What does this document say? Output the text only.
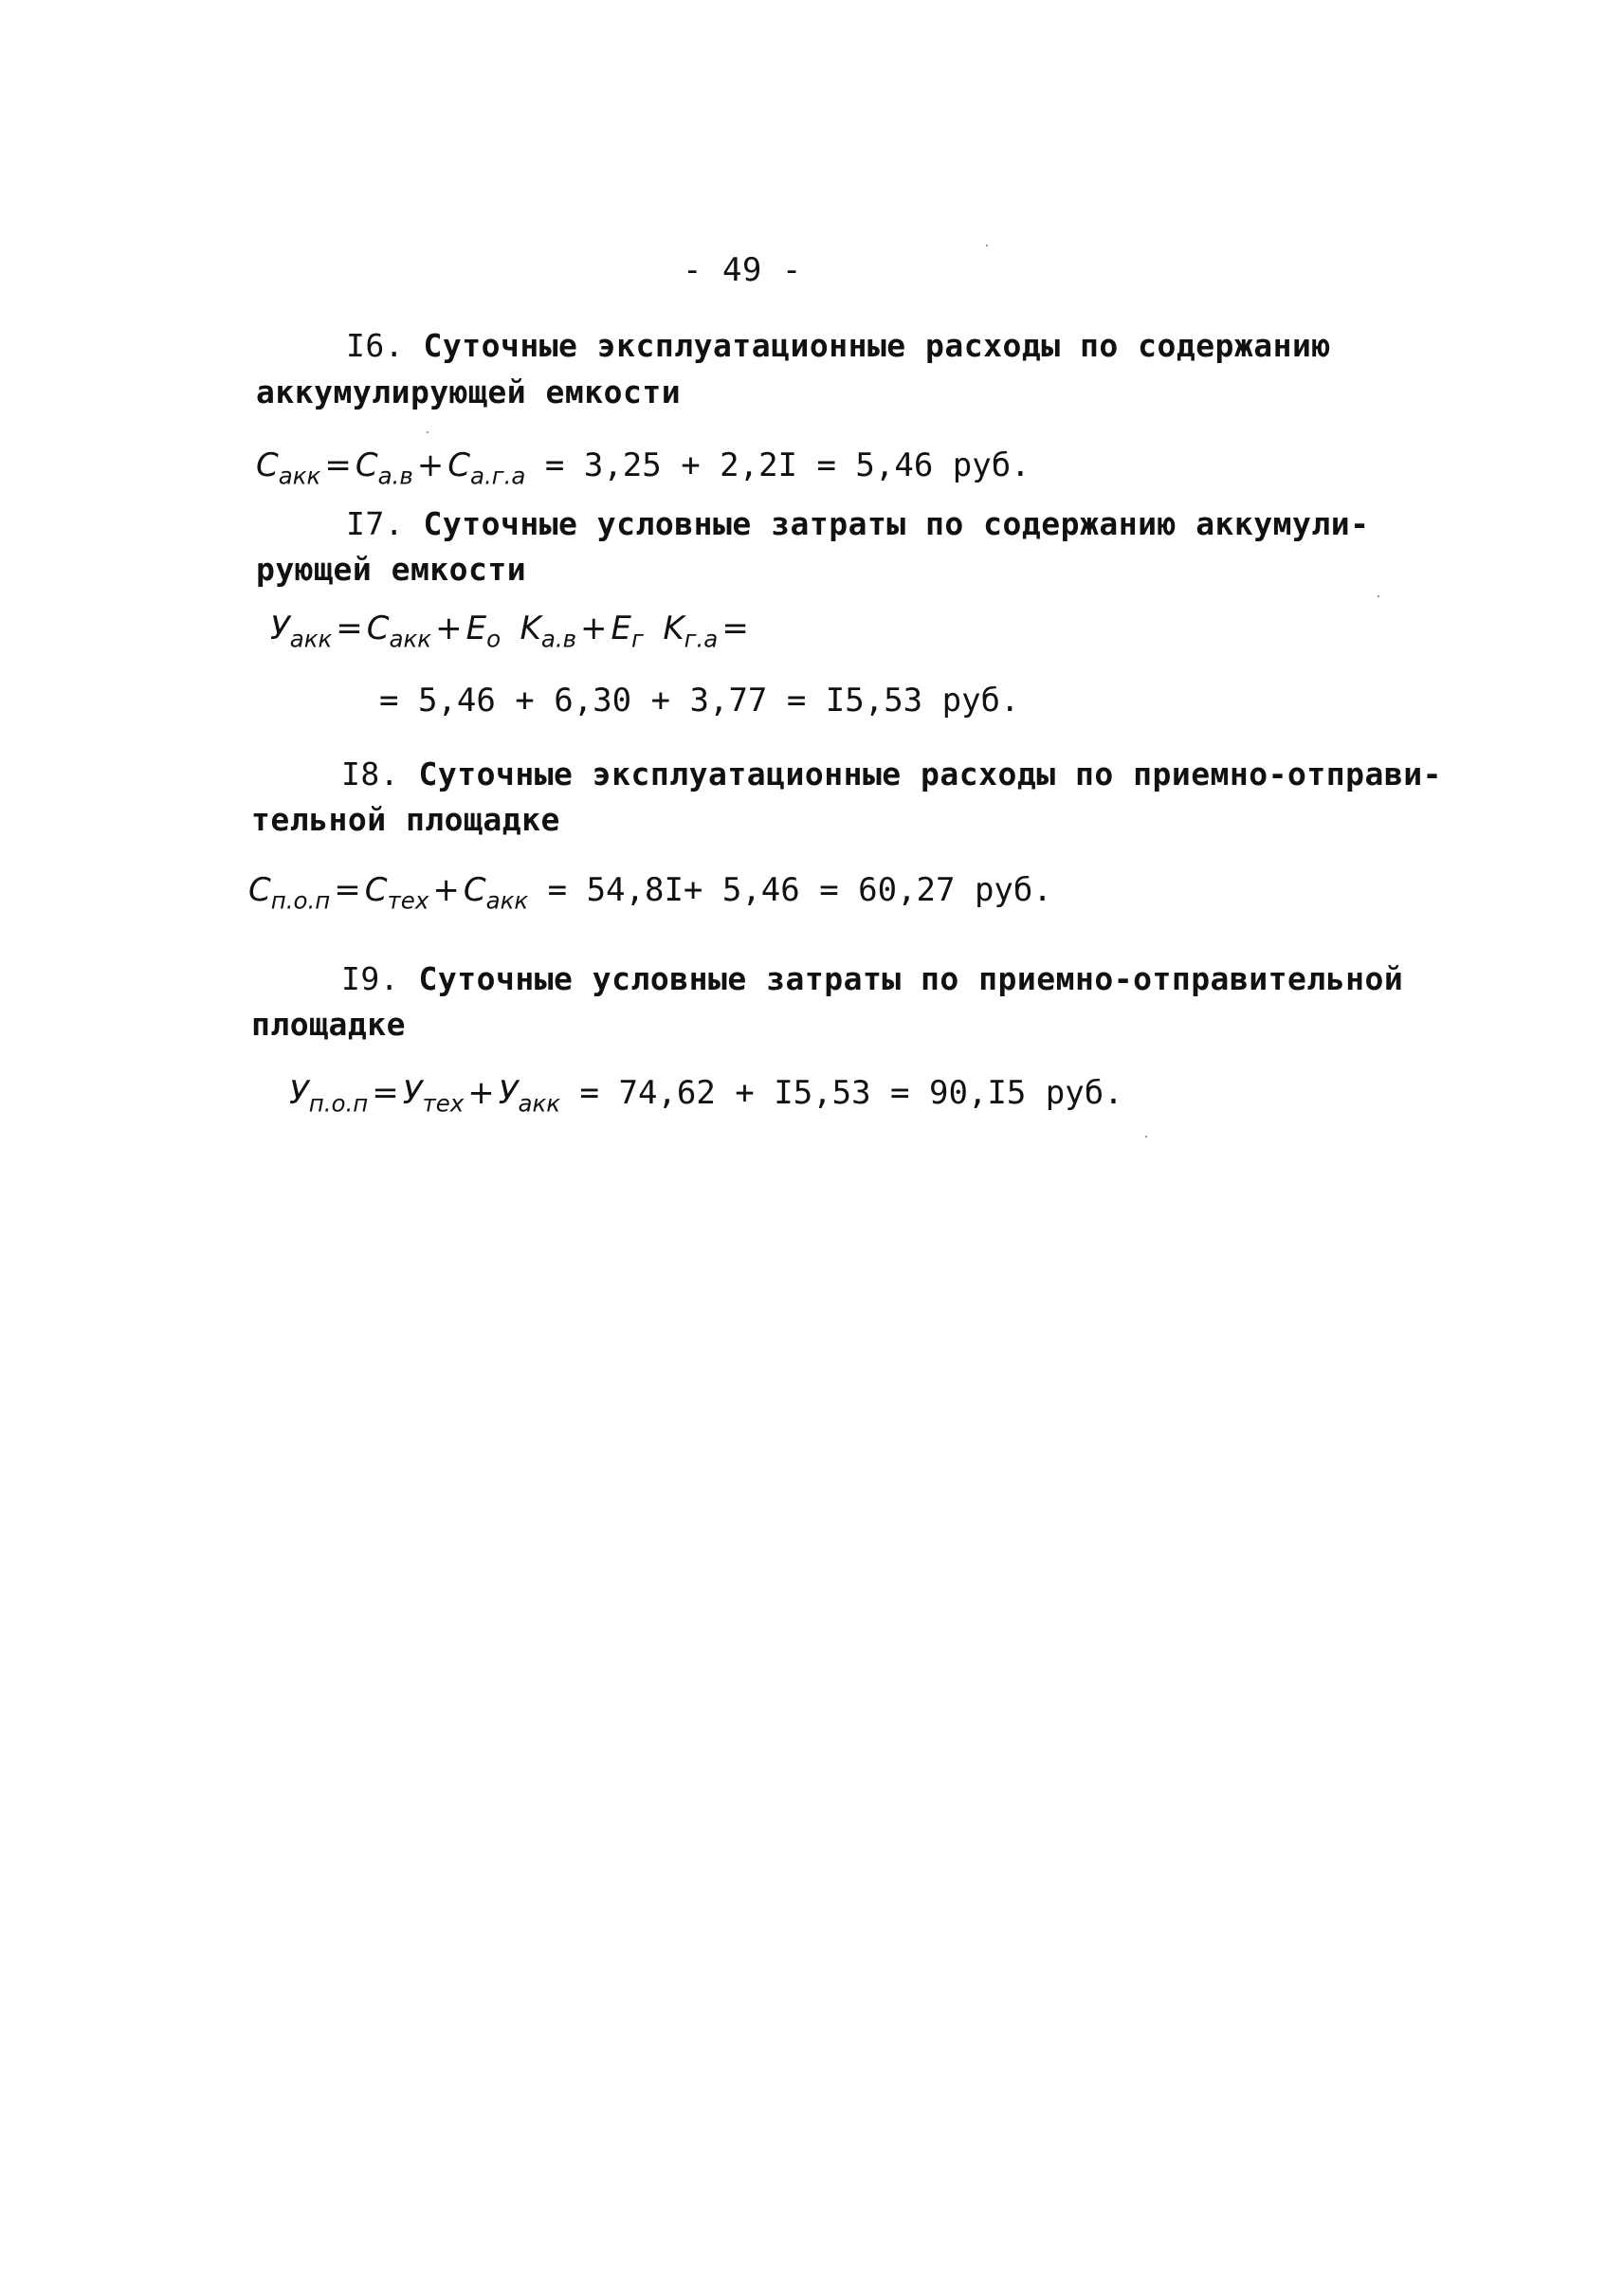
- 49 -
I6. Суточные эксплуатационные расходы по содержанию
аккумулирующей емкости
$C_{акк} = C_{а.в} + C_{а.г.а} = 3,25 + 2,2I = 5,46$ руб.
I7. Суточные условные затраты по содержанию аккумули-
рующей емкости
$У_{акк} = C_{акк} + E_о$ $K_{а.в} + E_г$ $K_{г.а}$ =
= 5,46 + 6,30 + 3,77 = I5,53 руб.
I8. Суточные эксплуатационные расходы по приемно-отправи-
тельной площадке
$C_{п.о.п} = C_{тех} + C_{акк} = 54,8I+ 5,46 = 60,27$ руб.
I9. Суточные условные затраты по приемно-отправительной
площадке
$У_{п.о.п} = У_{тех} + У_{акк} = 74,62 + I5,53 = 90,I5$ руб.
